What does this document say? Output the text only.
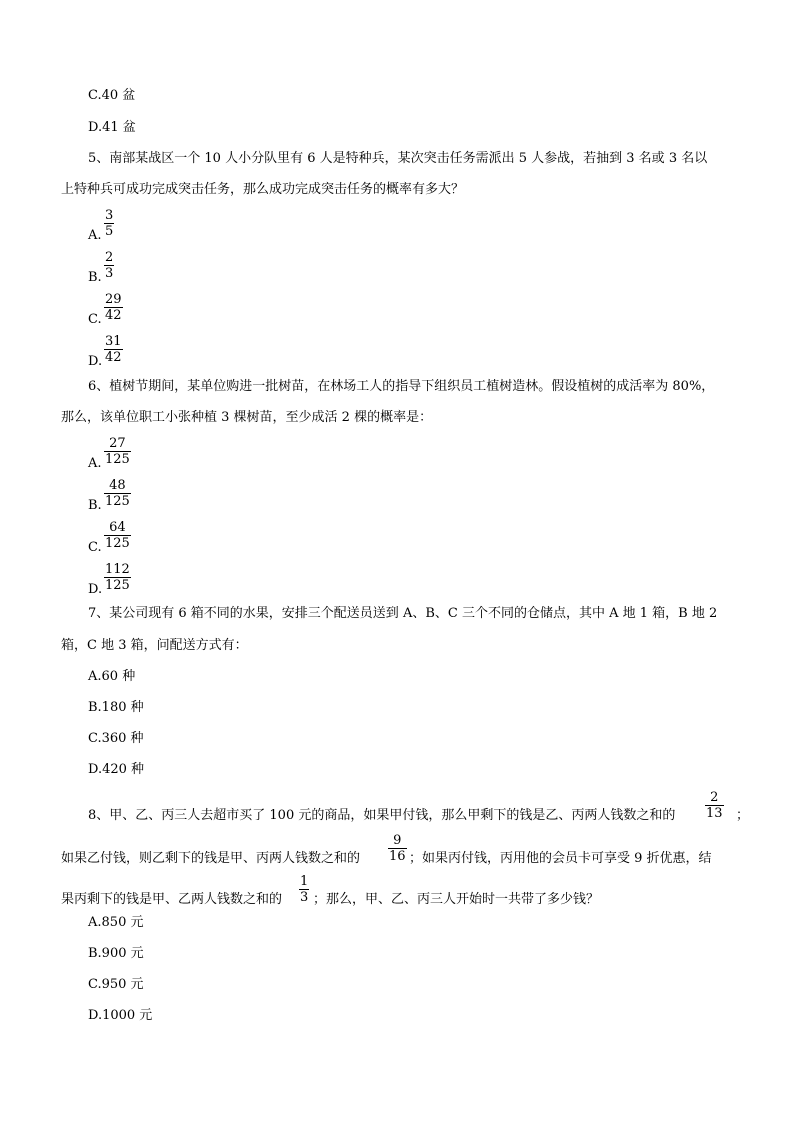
C.40 盆
D.41 盆
5、南部某战区一个 10 人小分队里有 6 人是特种兵，某次突击任务需派出 5 人参战，若抽到 3 名或 3 名以
上特种兵可成功完成突击任务，那么成功完成突击任务的概率有多大？
A. $\frac{3}{5}$
B. $\frac{2}{3}$
C. $\frac{29}{42}$
D. $\frac{31}{42}$
6、植树节期间，某单位购进一批树苗，在林场工人的指导下组织员工植树造林。假设植树的成活率为 80%，
那么，该单位职工小张种植 3 棵树苗，至少成活 2 棵的概率是：
A. $\frac{27}{125}$
B. $\frac{48}{125}$
C. $\frac{64}{125}$
D. $\frac{112}{125}$
7、某公司现有 6 箱不同的水果，安排三个配送员送到 A、B、C 三个不同的仓储点，其中 A 地 1 箱，B 地 2
箱，C 地 3 箱，问配送方式有：
A.60 种
B.180 种
C.360 种
D.420 种
8、甲、乙、丙三人去超市买了 100 元的商品，如果甲付钱，那么甲剩下的钱是乙、丙两人钱数之和的 $\frac{2}{13}$ ；
如果乙付钱，则乙剩下的钱是甲、丙两人钱数之和的 $\frac{9}{16}$ ；如果丙付钱，丙用他的会员卡可享受 9 折优惠，结
果丙剩下的钱是甲、乙两人钱数之和的 $\frac{1}{3}$ ；那么，甲、乙、丙三人开始时一共带了多少钱？
A.850 元
B.900 元
C.950 元
D.1000 元
